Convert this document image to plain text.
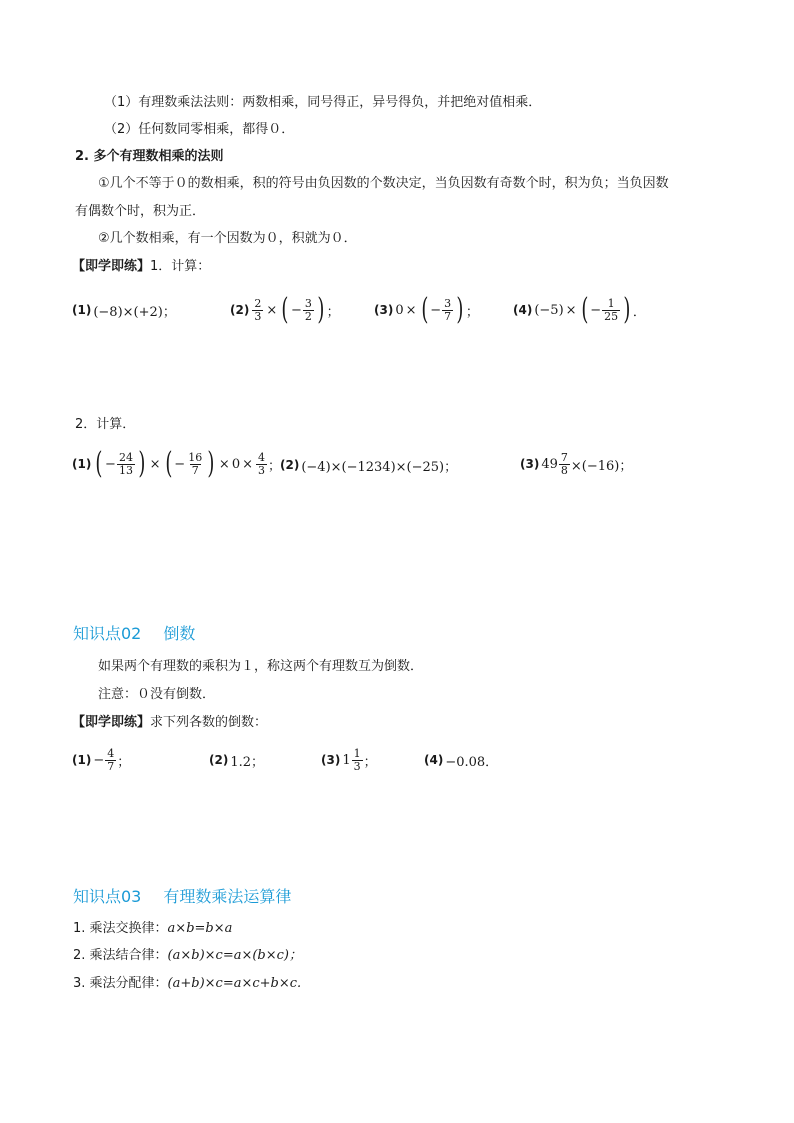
（1）有理数乘法法则：两数相乘，同号得正，异号得负，并把绝对值相乘．
（2）任何数同零相乘，都得０．
2. 多个有理数相乘的法则
①几个不等于０的数相乘，积的符号由负因数的个数决定，当负因数有奇数个时，积为负；当负因数
有偶数个时，积为正．
②几个数相乘，有一个因数为０，积就为０．
【即学即练】1．计算：
(1) (−8)×(+2)；	$(2) \frac{2}{3}$ × ( − $\frac{3}{2}$ ) ；	(3) 0 × ( − $\frac{3}{7}$ ) ；	(4) (−5) × ( − $\frac{1}{25}$ ) ．
2．计算．
(1) ( − $\frac{24}{13}$ ) × ( − $\frac{16}{7}$ ) × $0 \times \frac{4}{3}$ ；
(2) (−4)×(−1234)×(−25)；	(3) $49 \frac{7}{8} \times(-16)$；
知识点02 倒数
如果两个有理数的乘积为１，称这两个有理数互为倒数．
注意：０没有倒数．
【即学即练】求下列各数的倒数：
$(1) - \frac{4}{7}$ ；	(2) 1.2；	(3) $1 \frac{1}{3}$ ；	(4) −0.08．
知识点03 有理数乘法运算律
1. 乘法交换律：a×b=b×a
2. 乘法结合律：(a×b)×c=a×(b×c)；
3. 乘法分配律：(a+b)×c=a×c+b×c.
